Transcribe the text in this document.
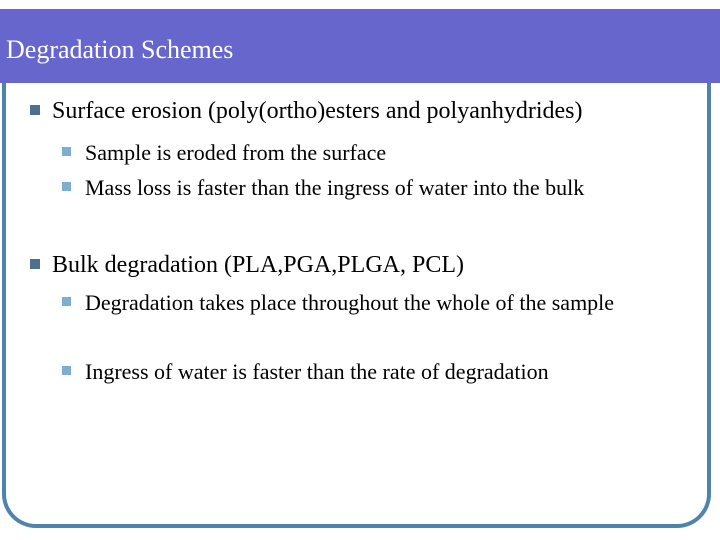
Degradation Schemes
Surface erosion (poly(ortho)esters and polyanhydrides)
Sample is eroded from the surface
Mass loss is faster than the ingress of water into the bulk
Bulk degradation (PLA,PGA,PLGA, PCL)
Degradation takes place throughout the whole of the sample
Ingress of water is faster than the rate of degradation
